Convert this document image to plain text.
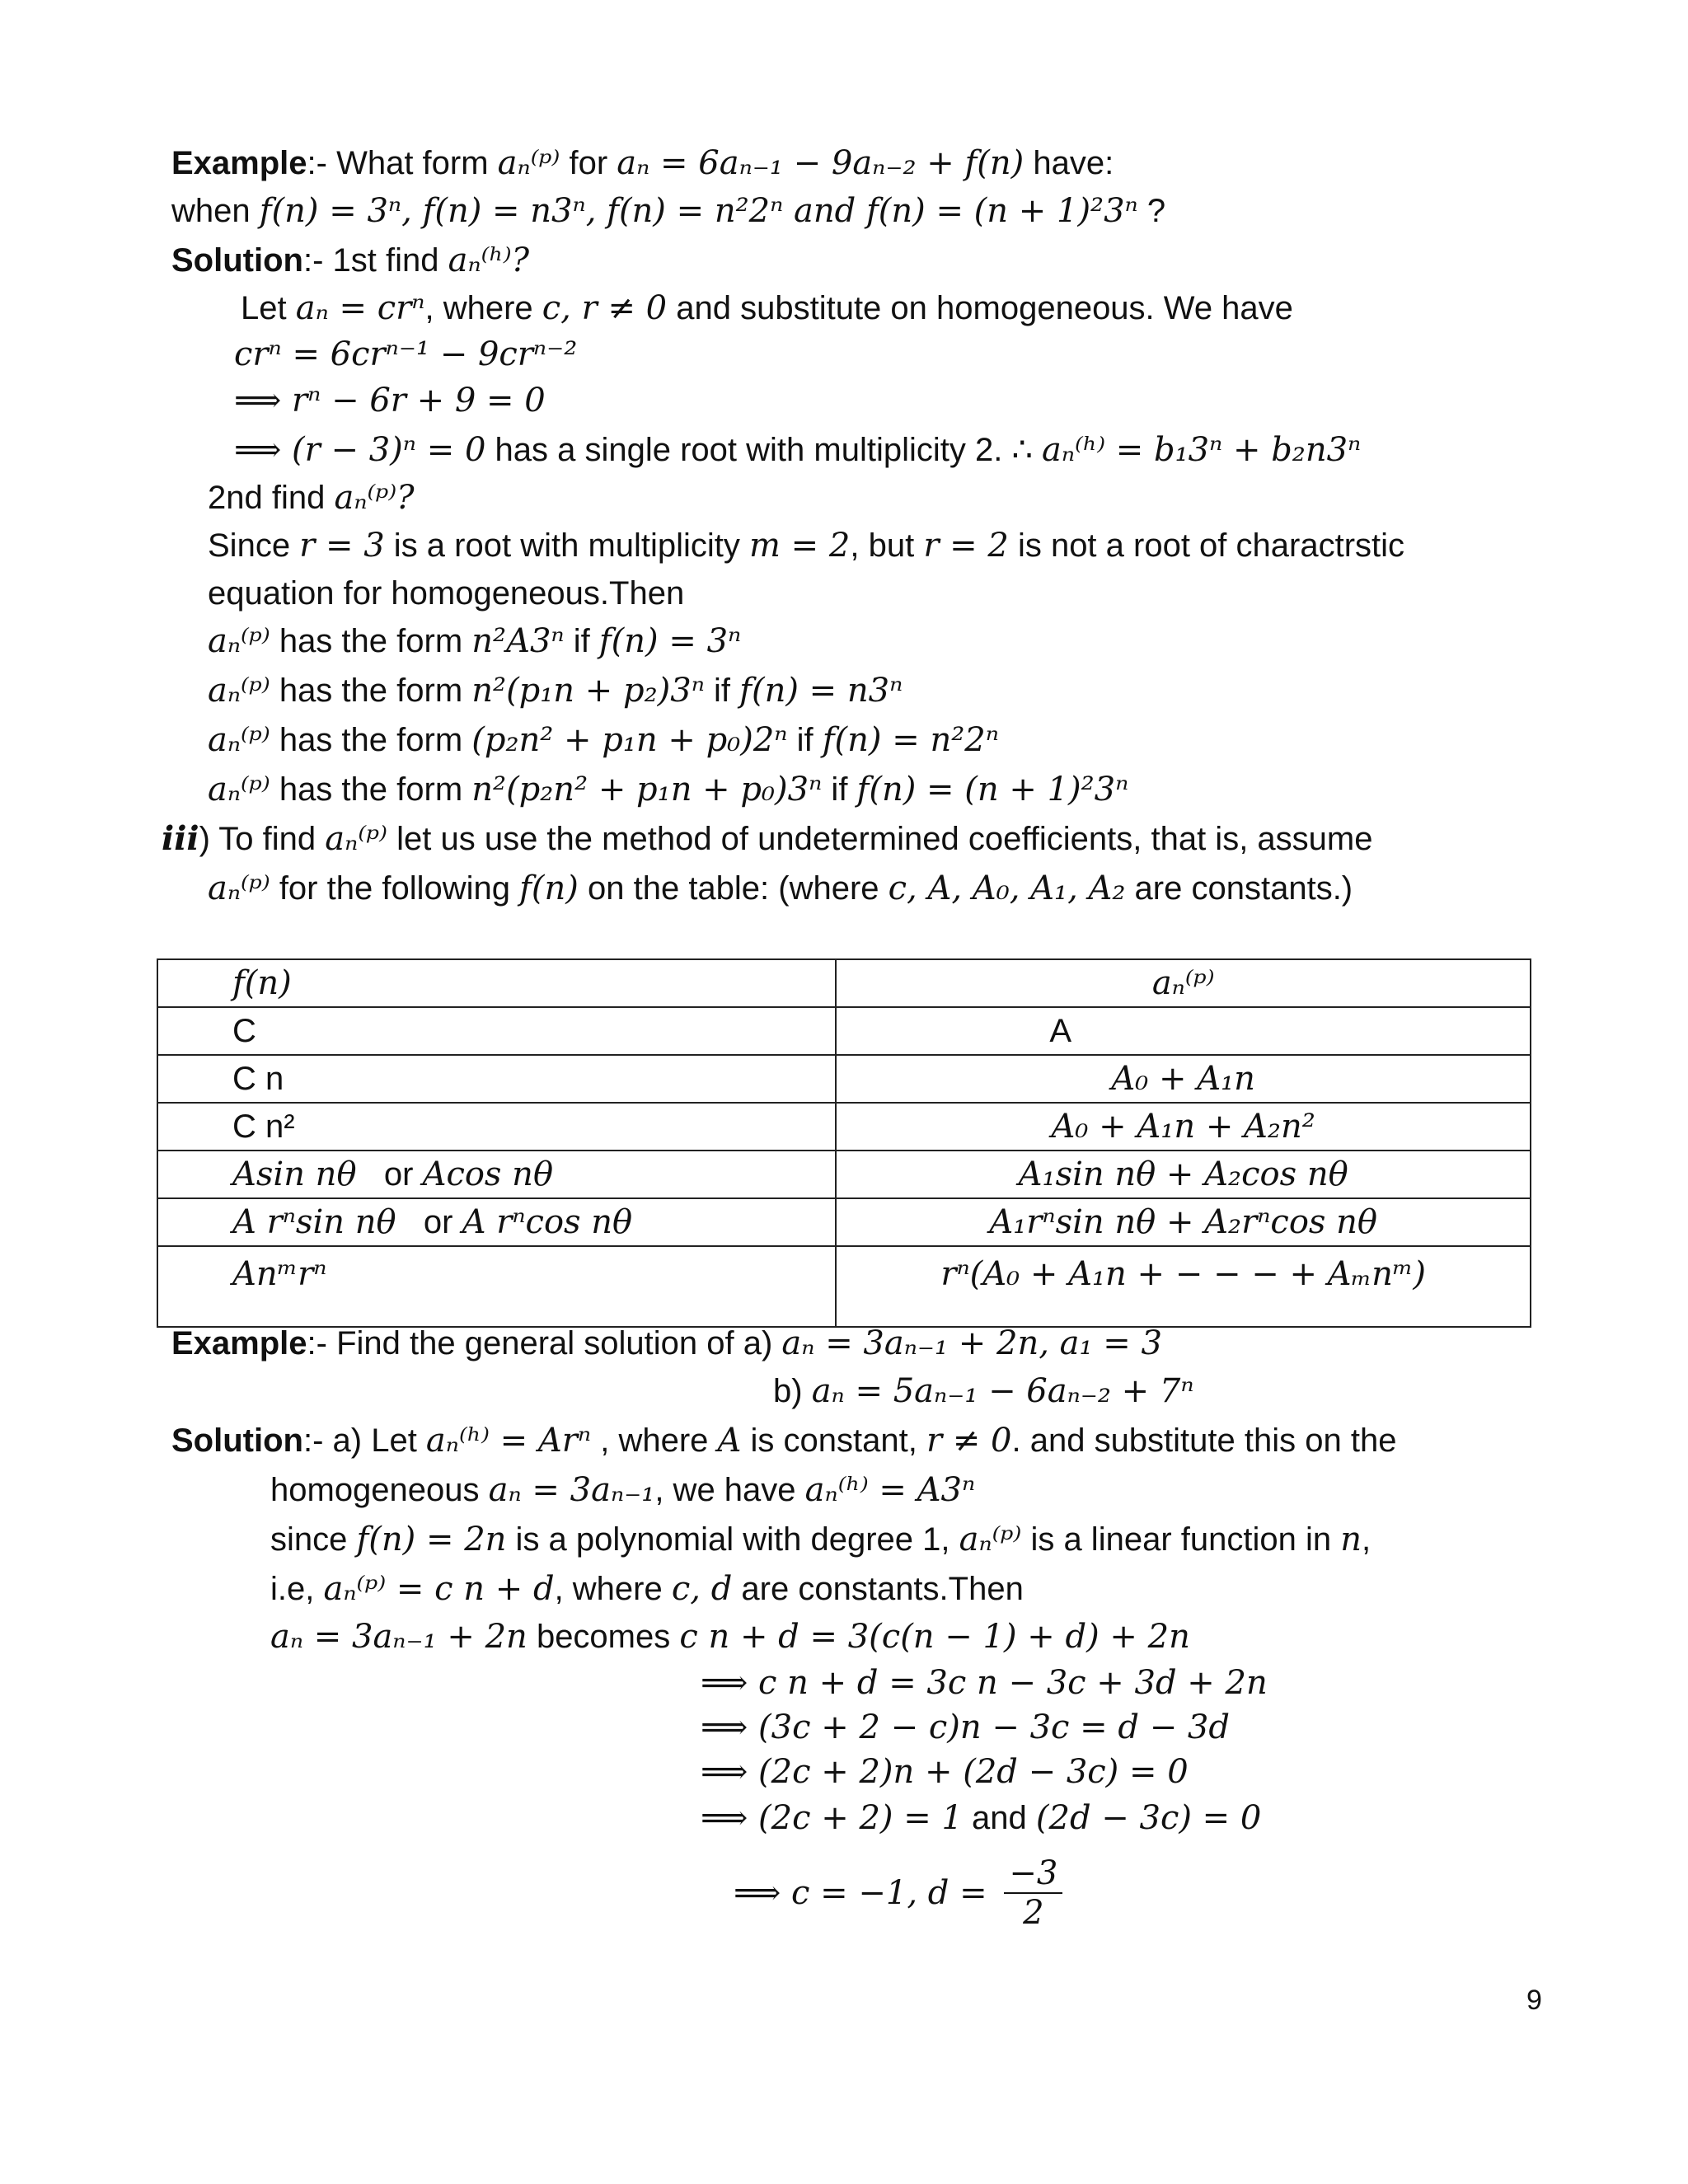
Example:- What form aₙ⁽ᵖ⁾ for aₙ = 6aₙ₋₁ − 9aₙ₋₂ + f(n) have:
when f(n) = 3ⁿ, f(n) = n3ⁿ, f(n) = n²2ⁿ and f(n) = (n + 1)²3ⁿ ?
Solution:- 1st find aₙ⁽ʰ⁾?
Let aₙ = crⁿ, where c, r ≠ 0 and substitute on homogeneous. We have
crⁿ = 6crⁿ⁻¹ − 9crⁿ⁻²
⟹ rⁿ − 6r + 9 = 0
⟹ (r − 3)ⁿ = 0 has a single root with multiplicity 2. ∴ aₙ⁽ʰ⁾ = b₁3ⁿ + b₂n3ⁿ
2nd find aₙ⁽ᵖ⁾?
Since r = 3 is a root with multiplicity m = 2, but r = 2 is not a root of charactrstic
equation for homogeneous.Then
aₙ⁽ᵖ⁾ has the form n²A3ⁿ if f(n) = 3ⁿ
aₙ⁽ᵖ⁾ has the form n²(p₁n + p₂)3ⁿ if f(n) = n3ⁿ
aₙ⁽ᵖ⁾ has the form (p₂n² + p₁n + p₀)2ⁿ if f(n) = n²2ⁿ
aₙ⁽ᵖ⁾ has the form n²(p₂n² + p₁n + p₀)3ⁿ if f(n) = (n + 1)²3ⁿ
iii) To find aₙ⁽ᵖ⁾ let us use the method of undetermined coefficients, that is, assume
aₙ⁽ᵖ⁾ for the following f(n) on the table: (where c, A, A₀, A₁, A₂ are constants.)
f(n)	aₙ⁽ᵖ⁾
C	A
C n	A₀ + A₁n
C n²	A₀ + A₁n + A₂n²
Asin nθ   or Acos nθ	A₁sin nθ + A₂cos nθ
A rⁿsin nθ   or A rⁿcos nθ	A₁rⁿsin nθ + A₂rⁿcos nθ
Anᵐrⁿ	rⁿ(A₀ + A₁n + − − − + Aₘnᵐ)
Example:- Find the general solution of a) aₙ = 3aₙ₋₁ + 2n, a₁ = 3
b) aₙ = 5aₙ₋₁ − 6aₙ₋₂ + 7ⁿ
Solution:- a) Let aₙ⁽ʰ⁾ = Arⁿ , where A is constant, r ≠ 0. and substitute this on the
homogeneous aₙ = 3aₙ₋₁, we have aₙ⁽ʰ⁾ = A3ⁿ
since f(n) = 2n is a polynomial with degree 1, aₙ⁽ᵖ⁾ is a linear function in n,
i.e, aₙ⁽ᵖ⁾ = c n + d, where c, d are constants.Then
aₙ = 3aₙ₋₁ + 2n becomes c n + d = 3(c(n − 1) + d) + 2n
⟹ c n + d = 3c n − 3c + 3d + 2n
⟹ (3c + 2 − c)n − 3c = d − 3d
⟹ (2c + 2)n + (2d − 3c) = 0
⟹ (2c + 2) = 1 and (2d − 3c) = 0
⟹ c = −1, $d = \frac{-3}{2}$
9
